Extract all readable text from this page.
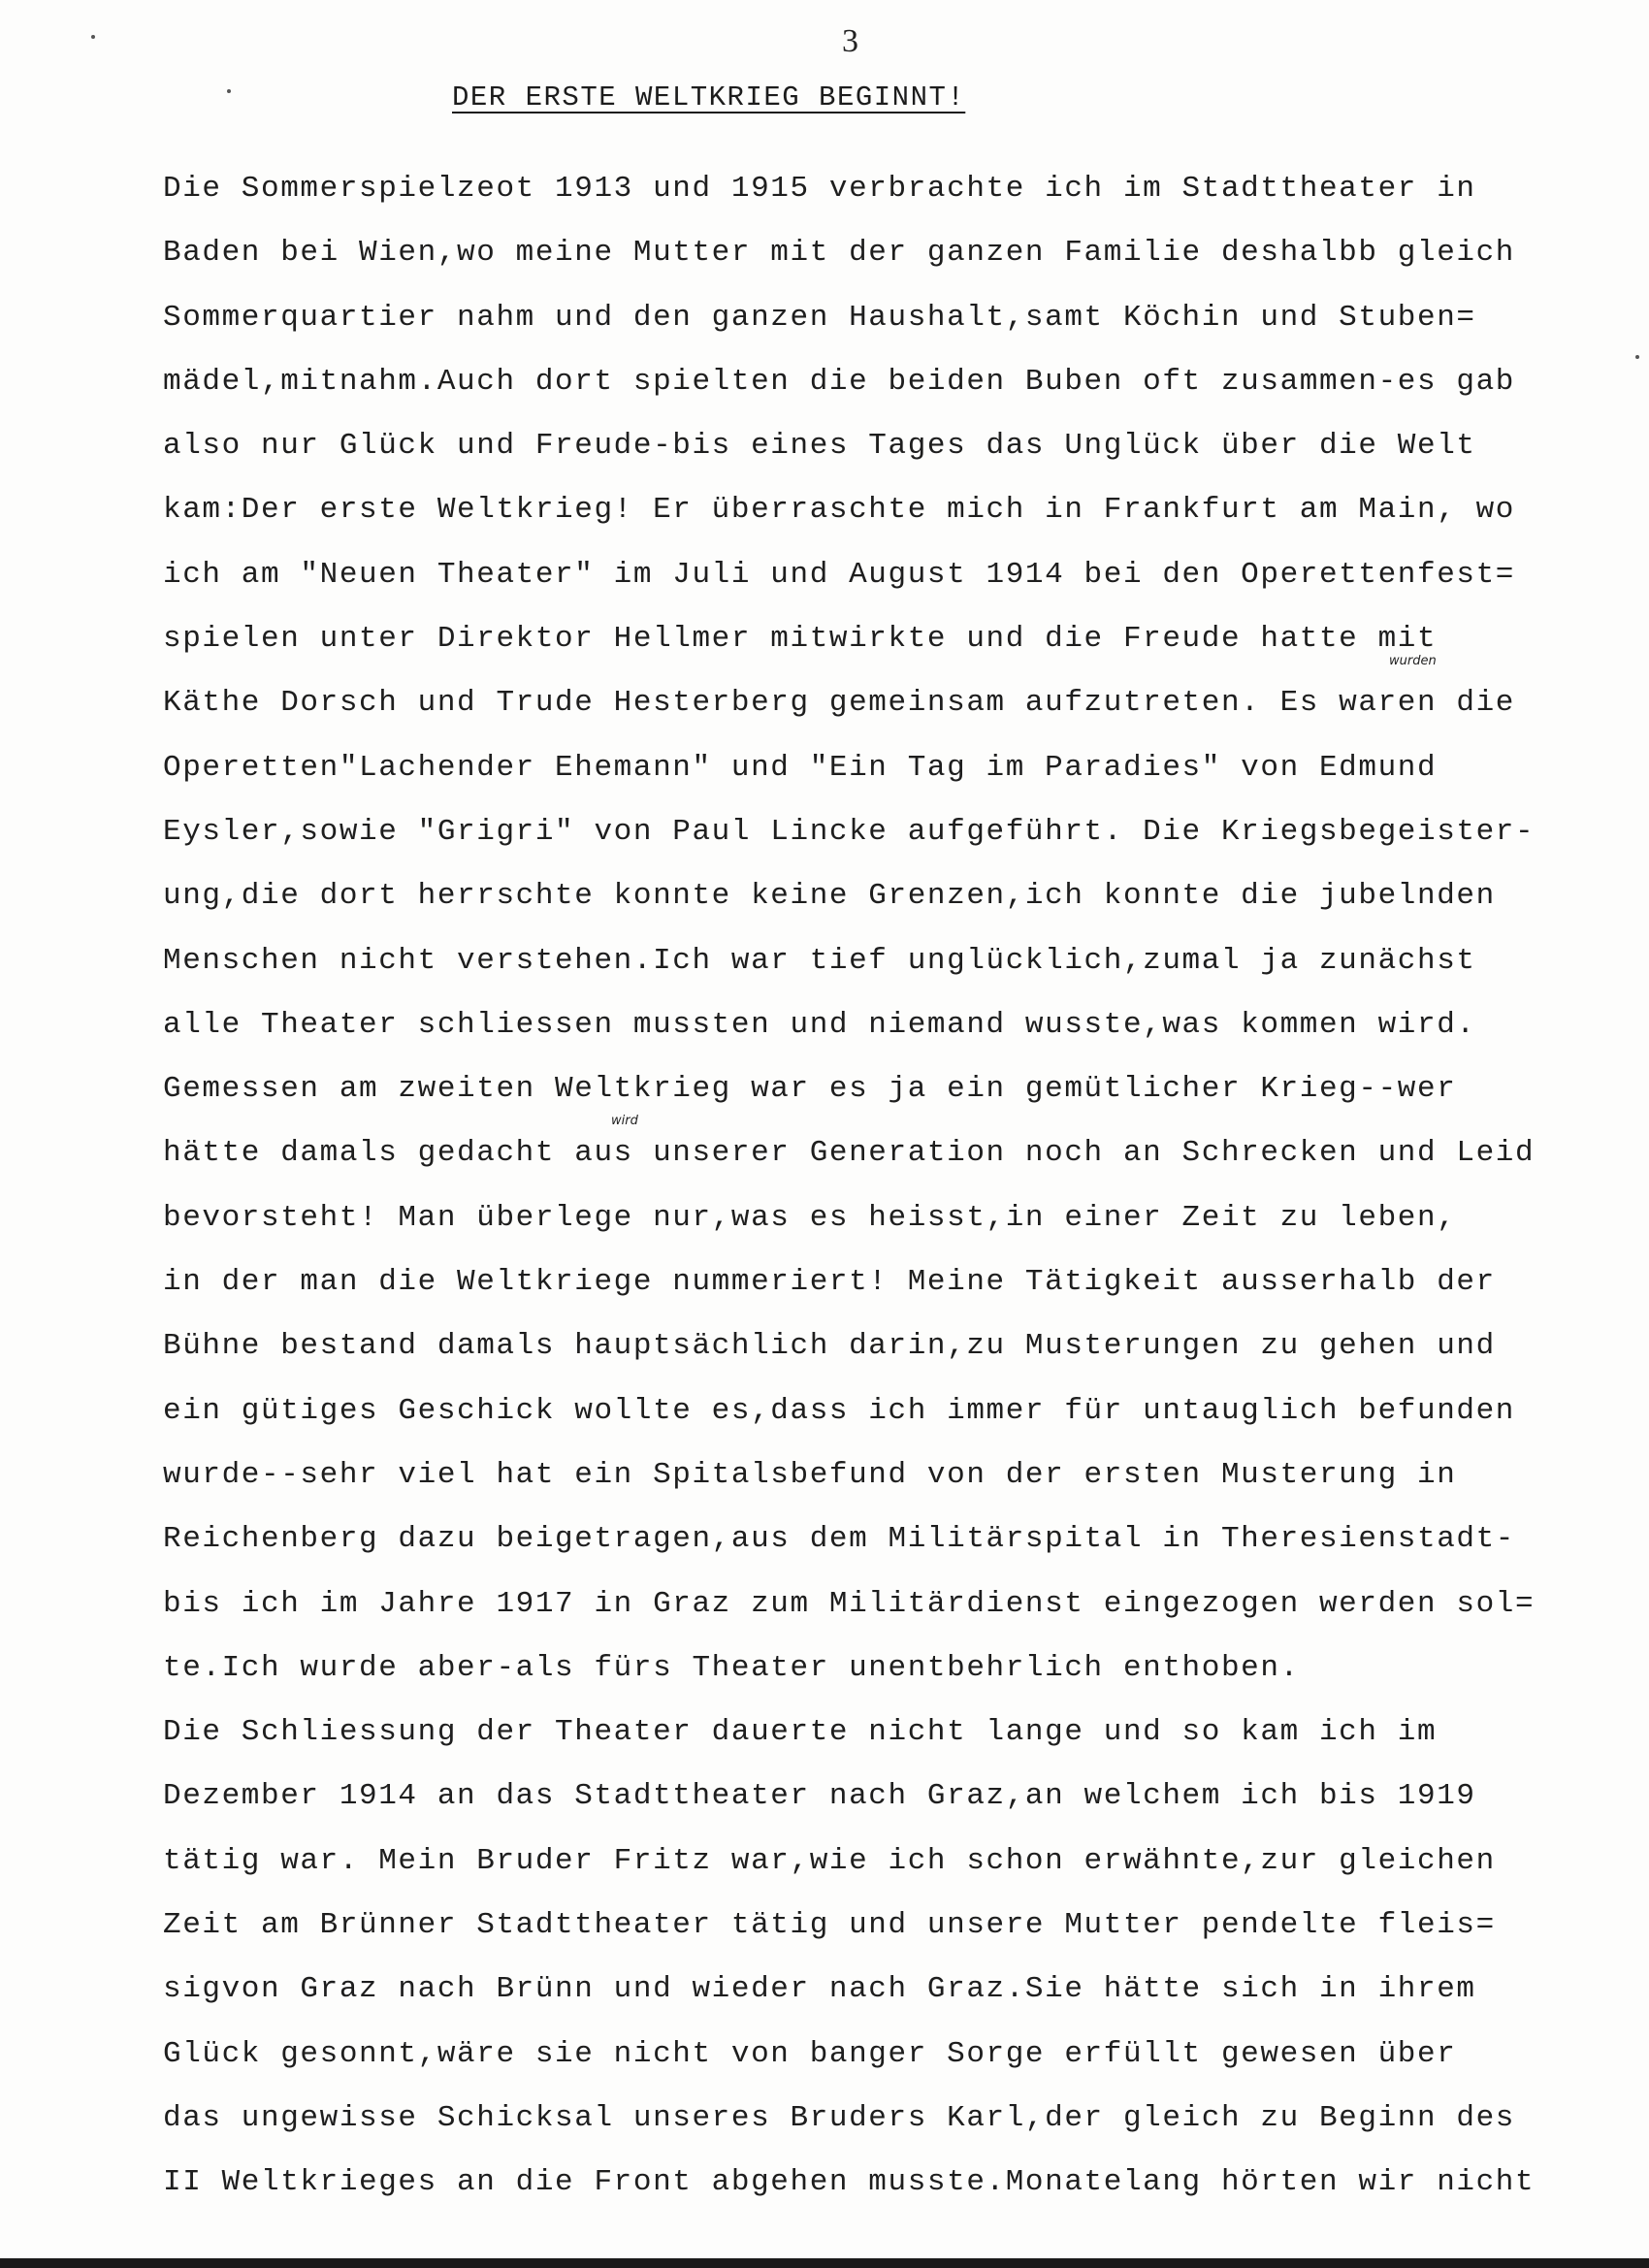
3
DER ERSTE WELTKRIEG BEGINNT!
Die Sommerspielzeot 1913 und 1915 verbrachte ich im Stadttheater in
Baden bei Wien,wo meine Mutter mit der ganzen Familie deshalbb gleich
Sommerquartier nahm und den ganzen Haushalt,samt Köchin und Stuben=
mädel,mitnahm.Auch dort spielten die beiden Buben oft zusammen-es gab
also nur Glück und Freude-bis eines Tages das Unglück über die Welt
kam:Der erste Weltkrieg! Er überraschte mich in Frankfurt am Main, wo
ich am "Neuen Theater" im Juli und August 1914 bei den Operettenfest=
spielen unter Direktor Hellmer mitwirkte und die Freude hatte mit
Käthe Dorsch und Trude Hesterberg gemeinsam aufzutreten. Es waren die
Operetten"Lachender Ehemann" und "Ein Tag im Paradies" von Edmund
Eysler,sowie "Grigri" von Paul Lincke aufgeführt. Die Kriegsbegeister-
ung,die dort herrschte konnte keine Grenzen,ich konnte die jubelnden
Menschen nicht verstehen.Ich war tief unglücklich,zumal ja zunächst
alle Theater schliessen mussten und niemand wusste,was kommen wird.
Gemessen am zweiten Weltkrieg war es ja ein gemütlicher Krieg--wer
hätte damals gedacht aus unserer Generation noch an Schrecken und Leid
bevorsteht! Man überlege nur,was es heisst,in einer Zeit zu leben,
in der man die Weltkriege nummeriert! Meine Tätigkeit ausserhalb der
Bühne bestand damals hauptsächlich darin,zu Musterungen zu gehen und
ein gütiges Geschick wollte es,dass ich immer für untauglich befunden
wurde--sehr viel hat ein Spitalsbefund von der ersten Musterung in
Reichenberg dazu beigetragen,aus dem Militärspital in Theresienstadt-
bis ich im Jahre 1917 in Graz zum Militärdienst eingezogen werden sol=
te.Ich wurde aber-als fürs Theater unentbehrlich enthoben.
Die Schliessung der Theater dauerte nicht lange und so kam ich im
Dezember 1914 an das Stadttheater nach Graz,an welchem ich bis 1919
tätig war. Mein Bruder Fritz war,wie ich schon erwähnte,zur gleichen
Zeit am Brünner Stadttheater tätig und unsere Mutter pendelte fleis=
sigvon Graz nach Brünn und wieder nach Graz.Sie hätte sich in ihrem
Glück gesonnt,wäre sie nicht von banger Sorge erfüllt gewesen über
das ungewisse Schicksal unseres Bruders Karl,der gleich zu Beginn des
II Weltkrieges an die Front abgehen musste.Monatelang hörten wir nicht
wurden
wird
